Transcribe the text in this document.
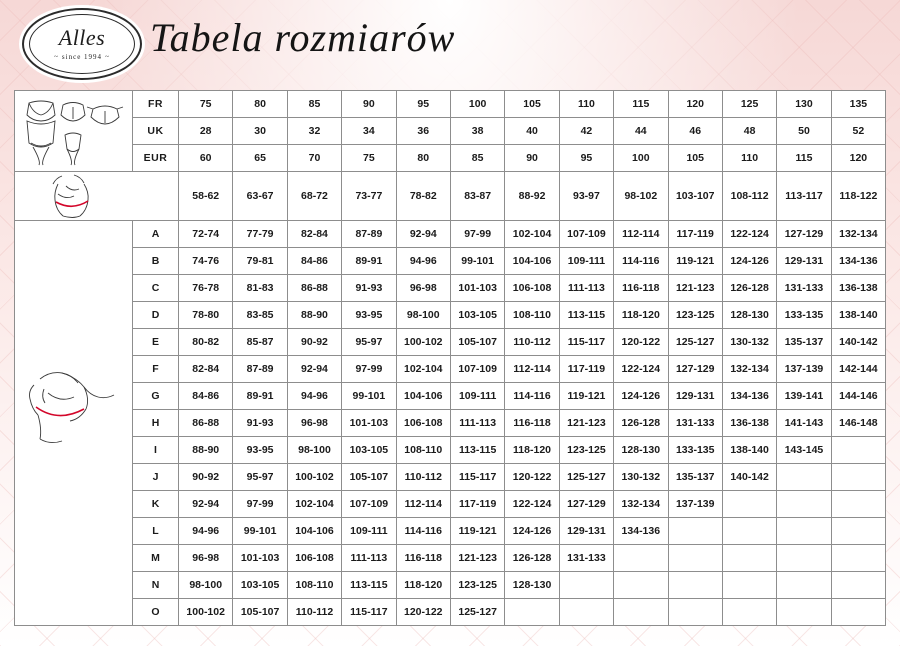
Alles
~ since 1994 ~ Tabela rozmiarów
	FR	75	80	85	90	95	100	105	110	115	120	125	130	135
	UK	28	30	32	34	36	38	40	42	44	46	48	50	52
	EUR	60	65	70	75	80	85	90	95	100	105	110	115	120

	58-62	63-67	68-72	73-77	78-82	83-87	88-92	93-97	98-102	103-107	108-112	113-117	118-122

	A	72-74	77-79	82-84	87-89	92-94	97-99	102-104	107-109	112-114	117-119	122-124	127-129	132-134
	B	74-76	79-81	84-86	89-91	94-96	99-101	104-106	109-111	114-116	119-121	124-126	129-131	134-136
	C	76-78	81-83	86-88	91-93	96-98	101-103	106-108	111-113	116-118	121-123	126-128	131-133	136-138
	D	78-80	83-85	88-90	93-95	98-100	103-105	108-110	113-115	118-120	123-125	128-130	133-135	138-140
	E	80-82	85-87	90-92	95-97	100-102	105-107	110-112	115-117	120-122	125-127	130-132	135-137	140-142
	F	82-84	87-89	92-94	97-99	102-104	107-109	112-114	117-119	122-124	127-129	132-134	137-139	142-144
	G	84-86	89-91	94-96	99-101	104-106	109-111	114-116	119-121	124-126	129-131	134-136	139-141	144-146
	H	86-88	91-93	96-98	101-103	106-108	111-113	116-118	121-123	126-128	131-133	136-138	141-143	146-148
	I	88-90	93-95	98-100	103-105	108-110	113-115	118-120	123-125	128-130	133-135	138-140	143-145	
	J	90-92	95-97	100-102	105-107	110-112	115-117	120-122	125-127	130-132	135-137	140-142		
	K	92-94	97-99	102-104	107-109	112-114	117-119	122-124	127-129	132-134	137-139			
	L	94-96	99-101	104-106	109-111	114-116	119-121	124-126	129-131	134-136				
	M	96-98	101-103	106-108	111-113	116-118	121-123	126-128	131-133					
	N	98-100	103-105	108-110	113-115	118-120	123-125	128-130						
	O	100-102	105-107	110-112	115-117	120-122	125-127							
